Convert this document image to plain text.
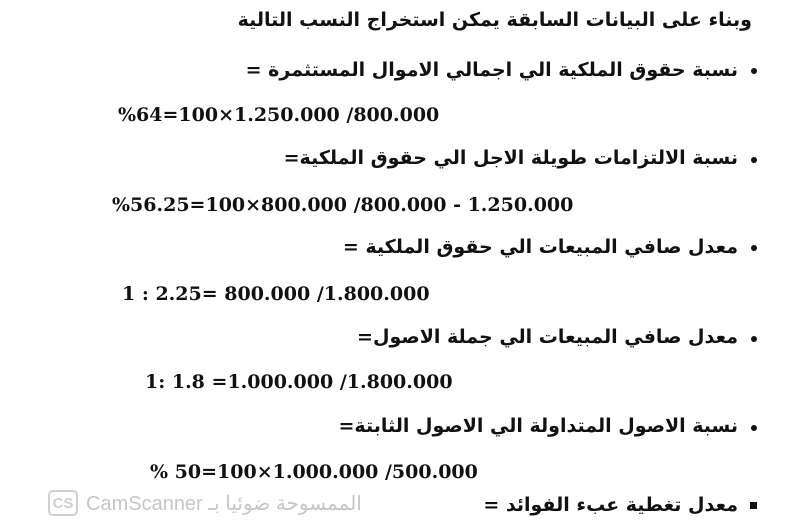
وبناء على البيانات السابقة يمكن استخراج النسب التالية
نسبة حقوق الملكية الي اجمالي الاموال المستثمرة =
%64=100×1.250.000 /800.000
نسبة الالتزامات طويلة الاجل الي حقوق الملكية=
%56.25=100×800.000 /800.000 - 1.250.000
معدل صافي المبيعات الي حقوق الملكية =
1 : 2.25= 800.000 /1.800.000
معدل صافي المبيعات الي جملة الاصول=
1: 1.8 =1.000.000 /1.800.000
نسبة الاصول المتداولة الي الاصول الثابتة=
% 50=100×1.000.000 /500.000
معدل تغطية عبء الفوائد =
CS الممسوحة ضوئيا بـ CamScanner
